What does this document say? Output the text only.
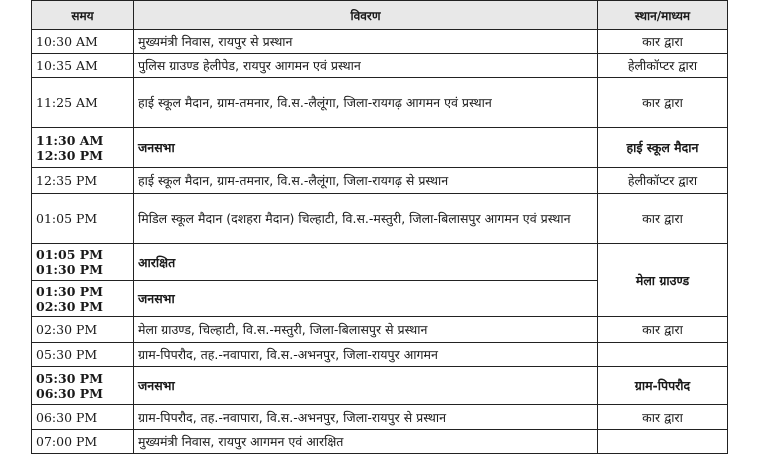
समय	विवरण	स्थान/माध्यम
10:30 AM	मुख्यमंत्री निवास, रायपुर से प्रस्थान	कार द्वारा
10:35 AM	पुलिस ग्राउण्ड हेलीपेड, रायपुर आगमन एवं प्रस्थान	हेलीकॉप्टर द्वारा
11:25 AM	हाई स्कूल मैदान, ग्राम-तमनार, वि.स.-लैलूंगा, जिला-रायगढ़ आगमन एवं प्रस्थान	कार द्वारा

11:30 AM
12:30 PM	जनसभा	हाई स्कूल मैदान
12:35 PM	हाई स्कूल मैदान, ग्राम-तमनार, वि.स.-लैलूंगा, जिला-रायगढ़ से प्रस्थान	हेलीकॉप्टर द्वारा
01:05 PM	मिडिल स्कूल मैदान (दशहरा मैदान) चिल्हाटी, वि.स.-मस्तुरी, जिला-बिलासपुर आगमन एवं प्रस्थान	कार द्वारा

01:05 PM
01:30 PM	आरक्षित	मेला ग्राउण्ड

01:30 PM
02:30 PM	जनसभा	
02:30 PM	मेला ग्राउण्ड, चिल्हाटी, वि.स.-मस्तुरी, जिला-बिलासपुर से प्रस्थान	कार द्वारा
05:30 PM	ग्राम-पिपरौद, तह.-नवापारा, वि.स.-अभनपुर, जिला-रायपुर आगमन	

05:30 PM
06:30 PM	जनसभा	ग्राम-पिपरौद
06:30 PM	ग्राम-पिपरौद, तह.-नवापारा, वि.स.-अभनपुर, जिला-रायपुर से प्रस्थान	कार द्वारा
07:00 PM	मुख्यमंत्री निवास, रायपुर आगमन एवं आरक्षित	
